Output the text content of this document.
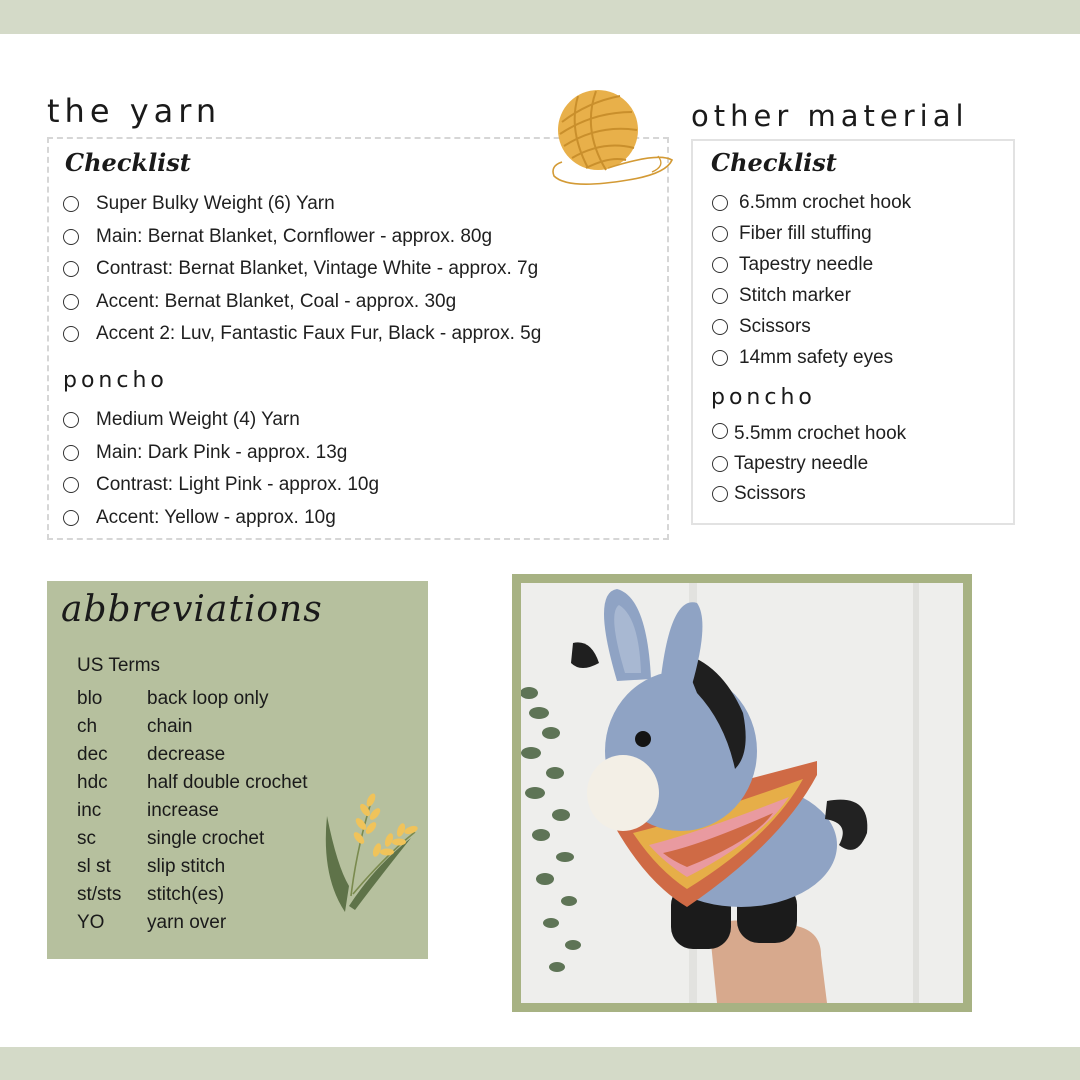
the yarn
Checklist
Super Bulky Weight (6) Yarn
Main: Bernat Blanket, Cornflower - approx. 80g
Contrast: Bernat Blanket, Vintage White - approx. 7g
Accent: Bernat Blanket, Coal - approx. 30g
Accent 2: Luv, Fantastic Faux Fur, Black - approx. 5g
poncho
Medium Weight (4) Yarn
Main: Dark Pink - approx. 13g
Contrast: Light Pink - approx. 10g
Accent: Yellow - approx. 10g
other material
Checklist
6.5mm crochet hook
Fiber fill stuffing
Tapestry needle
Stitch marker
Scissors
14mm safety eyes
poncho
5.5mm crochet hook
Tapestry needle
Scissors
abbreviations
US Terms
blo	back loop only
ch	chain
dec	decrease
hdc	half double crochet
inc	increase
sc	single crochet
sl st	slip stitch
st/sts	stitch(es)
YO	yarn over
